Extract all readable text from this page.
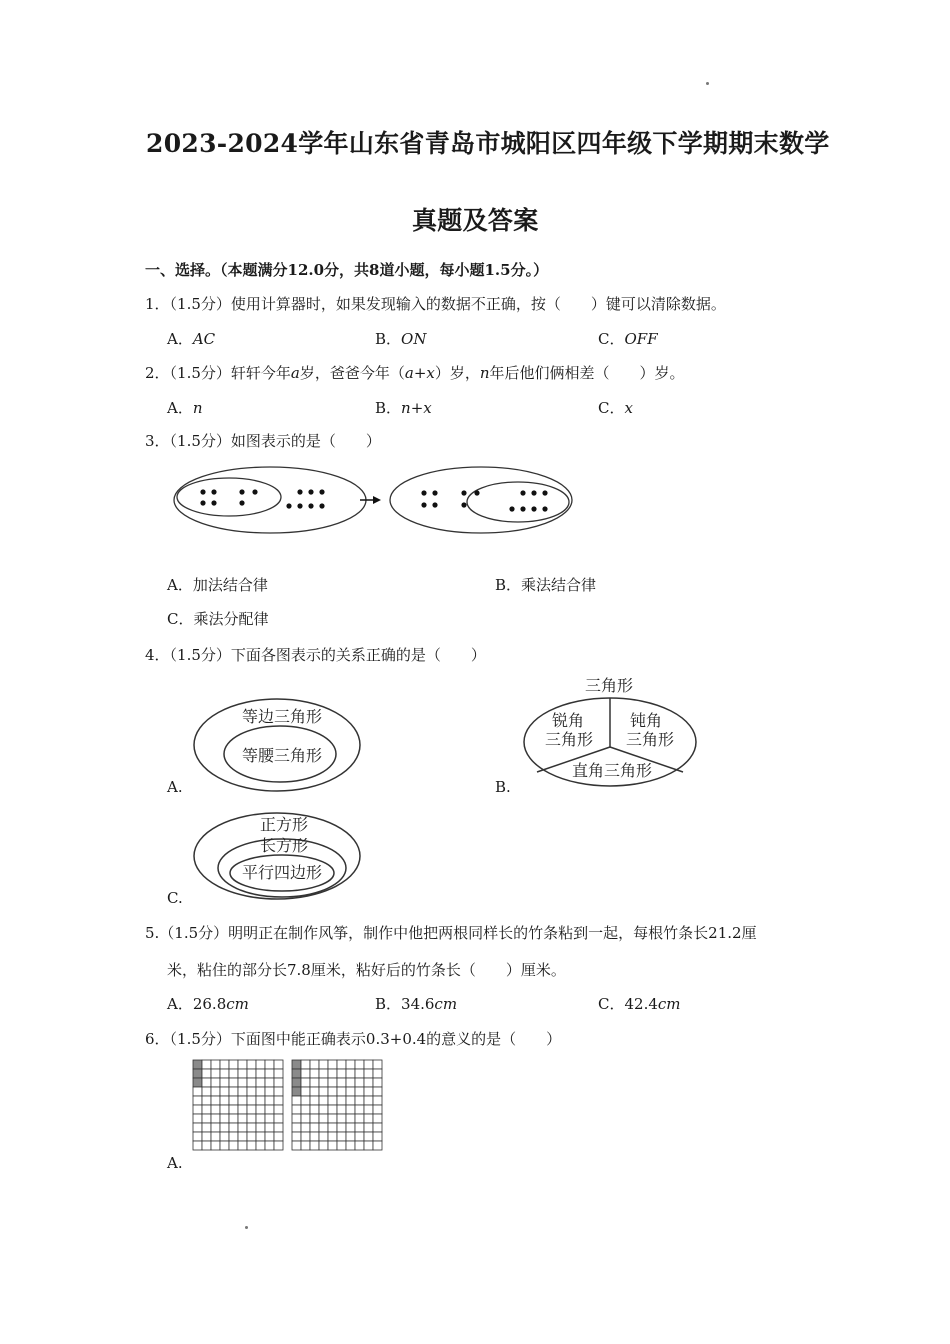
2023-2024学年山东省青岛市城阳区四年级下学期期末数学
真题及答案
一、选择。（本题满分12.0分，共8道小题，每小题1.5分。）
1．（1.5分）使用计算器时，如果发现输入的数据不正确，按（　　）键可以清除数据。
A．AC	B．ON	C．OFF
2．（1.5分）轩轩今年a岁，爸爸今年（a+x）岁，n年后他们俩相差（　　）岁。
A．n	B．n+x	C．x
3．（1.5分）如图表示的是（　　）
A．加法结合律	B．乘法结合律
C．乘法分配律
4．（1.5分）下面各图表示的关系正确的是（　　）
等边三角形
等腰三角形
A.
三角形
锐角
三角形
钝角
三角形
直角三角形
B.
正方形
长方形
平行四边形
C.
5.（1.5分）明明正在制作风筝，制作中他把两根同样长的竹条粘到一起，每根竹条长21.2厘
米，粘住的部分长7.8厘米，粘好后的竹条长（　　）厘米。
A．26.8cm	B．34.6cm	C．42.4cm
6．（1.5分）下面图中能正确表示0.3+0.4的意义的是（　　）
A.
